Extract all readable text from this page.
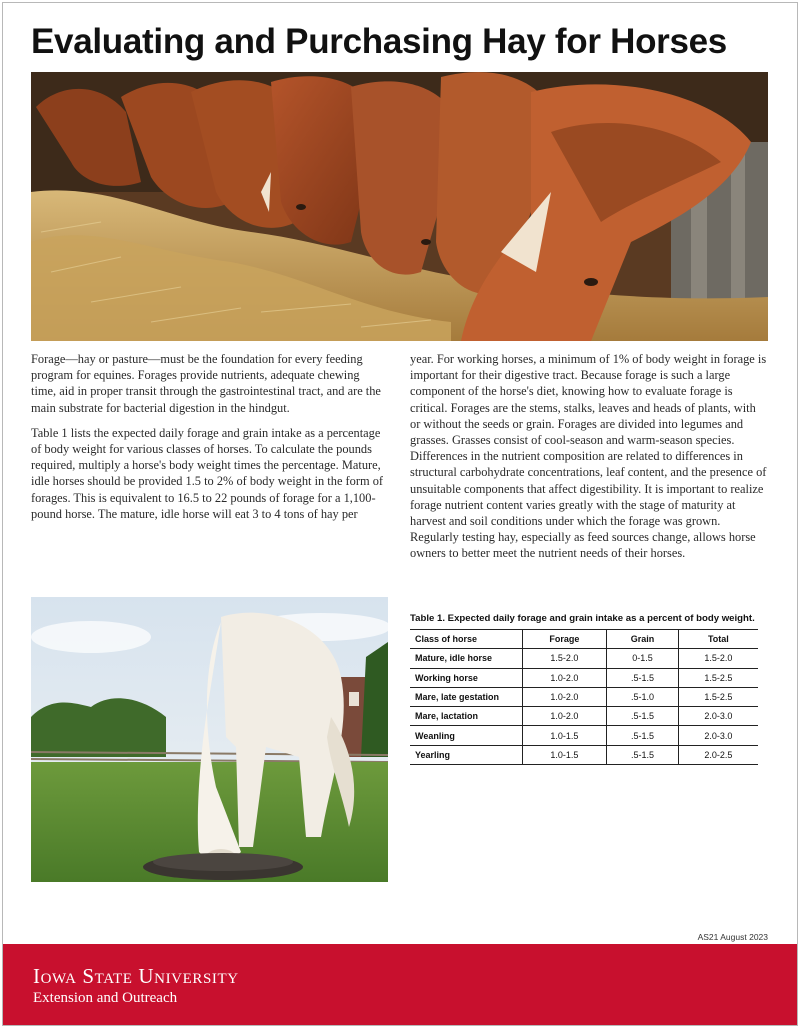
Evaluating and Purchasing Hay for Horses

Forage—hay or pasture—must be the foundation for every feeding program for equines. Forages provide nutrients, adequate chewing time, aid in proper transit through the gastrointestinal tract, and are the main substrate for bacterial digestion in the hindgut.

Table 1 lists the expected daily forage and grain intake as a percentage of body weight for various classes of horses. To calculate the pounds required, multiply a horse's body weight times the percentage. Mature, idle horses should be provided 1.5 to 2% of body weight in the form of forages. This is equivalent to 16.5 to 22 pounds of forage for a 1,100-pound horse. The mature, idle horse will eat 3 to 4 tons of hay per

year. For working horses, a minimum of 1% of body weight in forage is important for their digestive tract. Because forage is such a large component of the horse's diet, knowing how to evaluate forage is critical. Forages are the stems, stalks, leaves and heads of plants, with or without the seeds or grain. Forages are divided into legumes and grasses. Grasses consist of cool-season and warm-season species. Differences in the nutrient composition are related to differences in structural carbohydrate concentrations, leaf content, and the presence of unsuitable components that affect digestibility. It is important to realize forage nutrient content varies greatly with the stage of maturity at harvest and soil conditions under which the forage was grown. Regularly testing hay, especially as feed sources change, allows horse owners to better meet the nutrient needs of their horses.

Table 1. Expected daily forage and grain intake as a percent of body weight.
Class of horse	Forage	Grain	Total
Mature, idle horse	1.5-2.0	0-1.5	1.5-2.0
Working horse	1.0-2.0	.5-1.5	1.5-2.5
Mare, late gestation	1.0-2.0	.5-1.0	1.5-2.5
Mare, lactation	1.0-2.0	.5-1.5	2.0-3.0
Weanling	1.0-1.5	.5-1.5	2.0-3.0
Yearling	1.0-1.5	.5-1.5	2.0-2.5
AS21 August 2023
Iowa State University
Extension and Outreach
